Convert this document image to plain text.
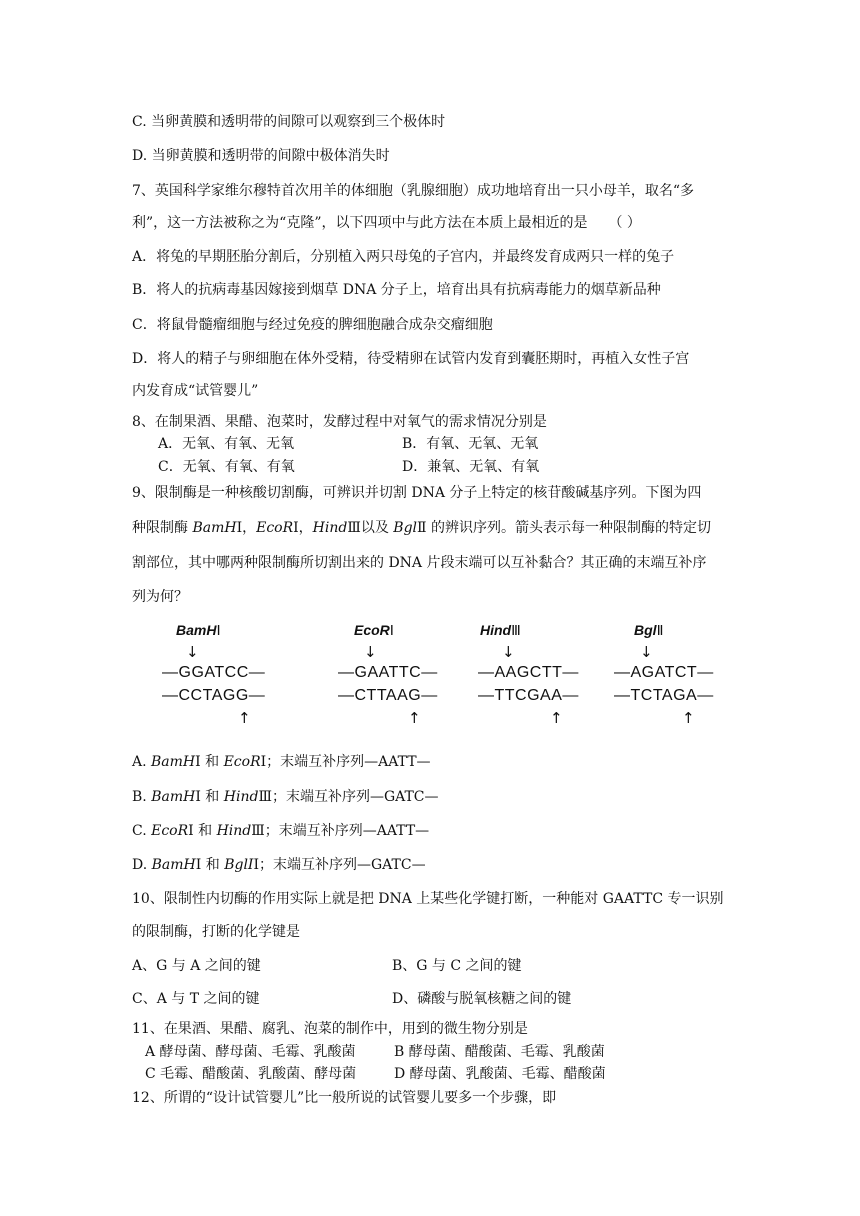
C. 当卵黄膜和透明带的间隙可以观察到三个极体时
D. 当卵黄膜和透明带的间隙中极体消失时
7、英国科学家维尔穆特首次用羊的体细胞（乳腺细胞）成功地培育出一只小母羊，取名“多
利”，这一方法被称之为“克隆”，以下四项中与此方法在本质上最相近的是　　（ ）
A．将兔的早期胚胎分割后，分别植入两只母兔的子宫内，并最终发育成两只一样的兔子
B．将人的抗病毒基因嫁接到烟草 DNA 分子上，培育出具有抗病毒能力的烟草新品种
C．将鼠骨髓瘤细胞与经过免疫的脾细胞融合成杂交瘤细胞
D．将人的精子与卵细胞在体外受精，待受精卵在试管内发育到囊胚期时，再植入女性子宫
内发育成“试管婴儿”
8、在制果酒、果醋、泡菜时，发酵过程中对氧气的需求情况分别是
A．无氧、有氧、无氧	B．有氧、无氧、无氧
C．无氧、有氧、有氧	D．兼氧、无氧、有氧
9、限制酶是一种核酸切割酶，可辨识并切割 DNA 分子上特定的核苷酸碱基序列。下图为四
种限制酶 BamHⅠ，EcoRⅠ，HindⅢ以及 BglⅡ 的辨识序列。箭头表示每一种限制酶的特定切
割部位，其中哪两种限制酶所切割出来的 DNA 片段末端可以互补黏合？其正确的末端互补序
列为何？
BamHⅠ
↓
—GGATCC—
—CCTAGG—
↑
EcoRⅠ
↓
—GAATTC—
—CTTAAG—
↑
HindⅢ
↓
—AAGCTT—
—TTCGAA—
↑
BglⅡ
↓
—AGATCT—
—TCTAGA—
↑
A. BamHⅠ 和 EcoRⅠ；末端互补序列—AATT—
B. BamHⅠ 和 HindⅢ；末端互补序列—GATC—
C. EcoRⅠ 和 HindⅢ；末端互补序列—AATT—
D. BamHⅠ 和 BglIⅠ；末端互补序列—GATC—
10、限制性内切酶的作用实际上就是把 DNA 上某些化学键打断，一种能对 GAATTC 专一识别
的限制酶，打断的化学键是
A、G 与 A 之间的键	B、G 与 C 之间的键
C、A 与 T 之间的键	D、磷酸与脱氧核糖之间的键
11、在果酒、果醋、腐乳、泡菜的制作中，用到的微生物分别是
A 酵母菌、酵母菌、毛霉、乳酸菌	B 酵母菌、醋酸菌、毛霉、乳酸菌
C 毛霉、醋酸菌、乳酸菌、酵母菌	D 酵母菌、乳酸菌、毛霉、醋酸菌
12、所谓的“设计试管婴儿”比一般所说的试管婴儿要多一个步骤，即
